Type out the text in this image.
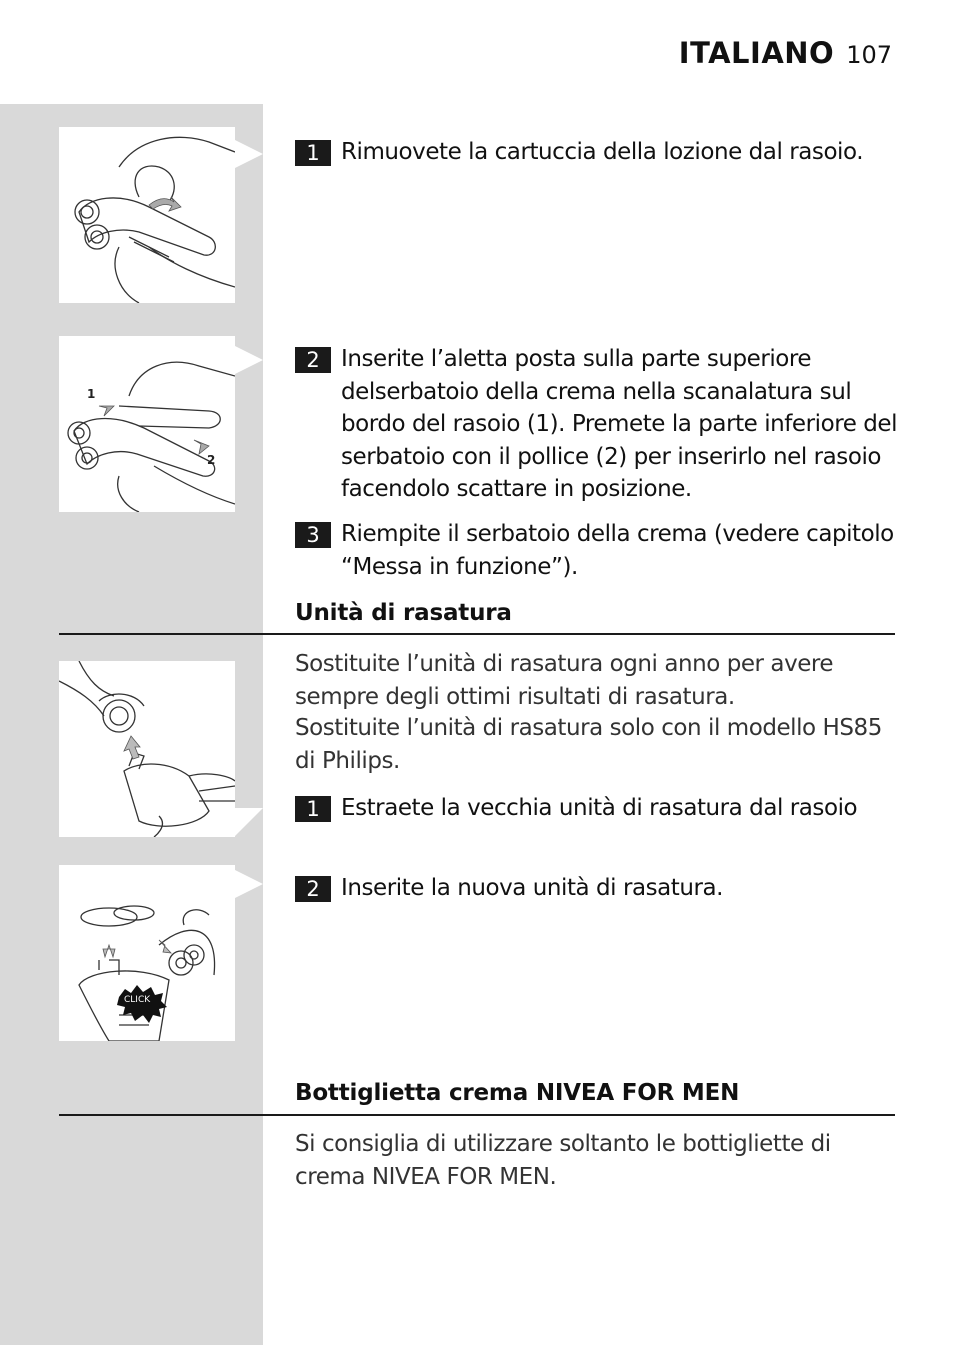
ITALIANO 107
1
2
1 Rimuovete la cartuccia della lozione dal rasoio.
2 Inserite l’aletta posta sulla parte superiore delserbatoio della crema nella scanalatura sul bordo del rasoio (1). Premete la parte inferiore del serbatoio con il pollice (2) per inserirlo nel rasoio facendolo scattare in posizione.
3 Riempite il serbatoio della crema (vedere capitolo “Messa in funzione”).
Unità di rasatura
Sostituite l’unità di rasatura ogni anno per avere sempre degli ottimi risultati di rasatura.
Sostituite l’unità di rasatura solo con il modello HS85 di Philips.
1 Estraete la vecchia unità di rasatura dal rasoio
CLICK
2 Inserite la nuova unità di rasatura.
Bottiglietta crema NIVEA FOR MEN
Si consiglia di utilizzare soltanto le bottigliette di crema NIVEA FOR MEN.
